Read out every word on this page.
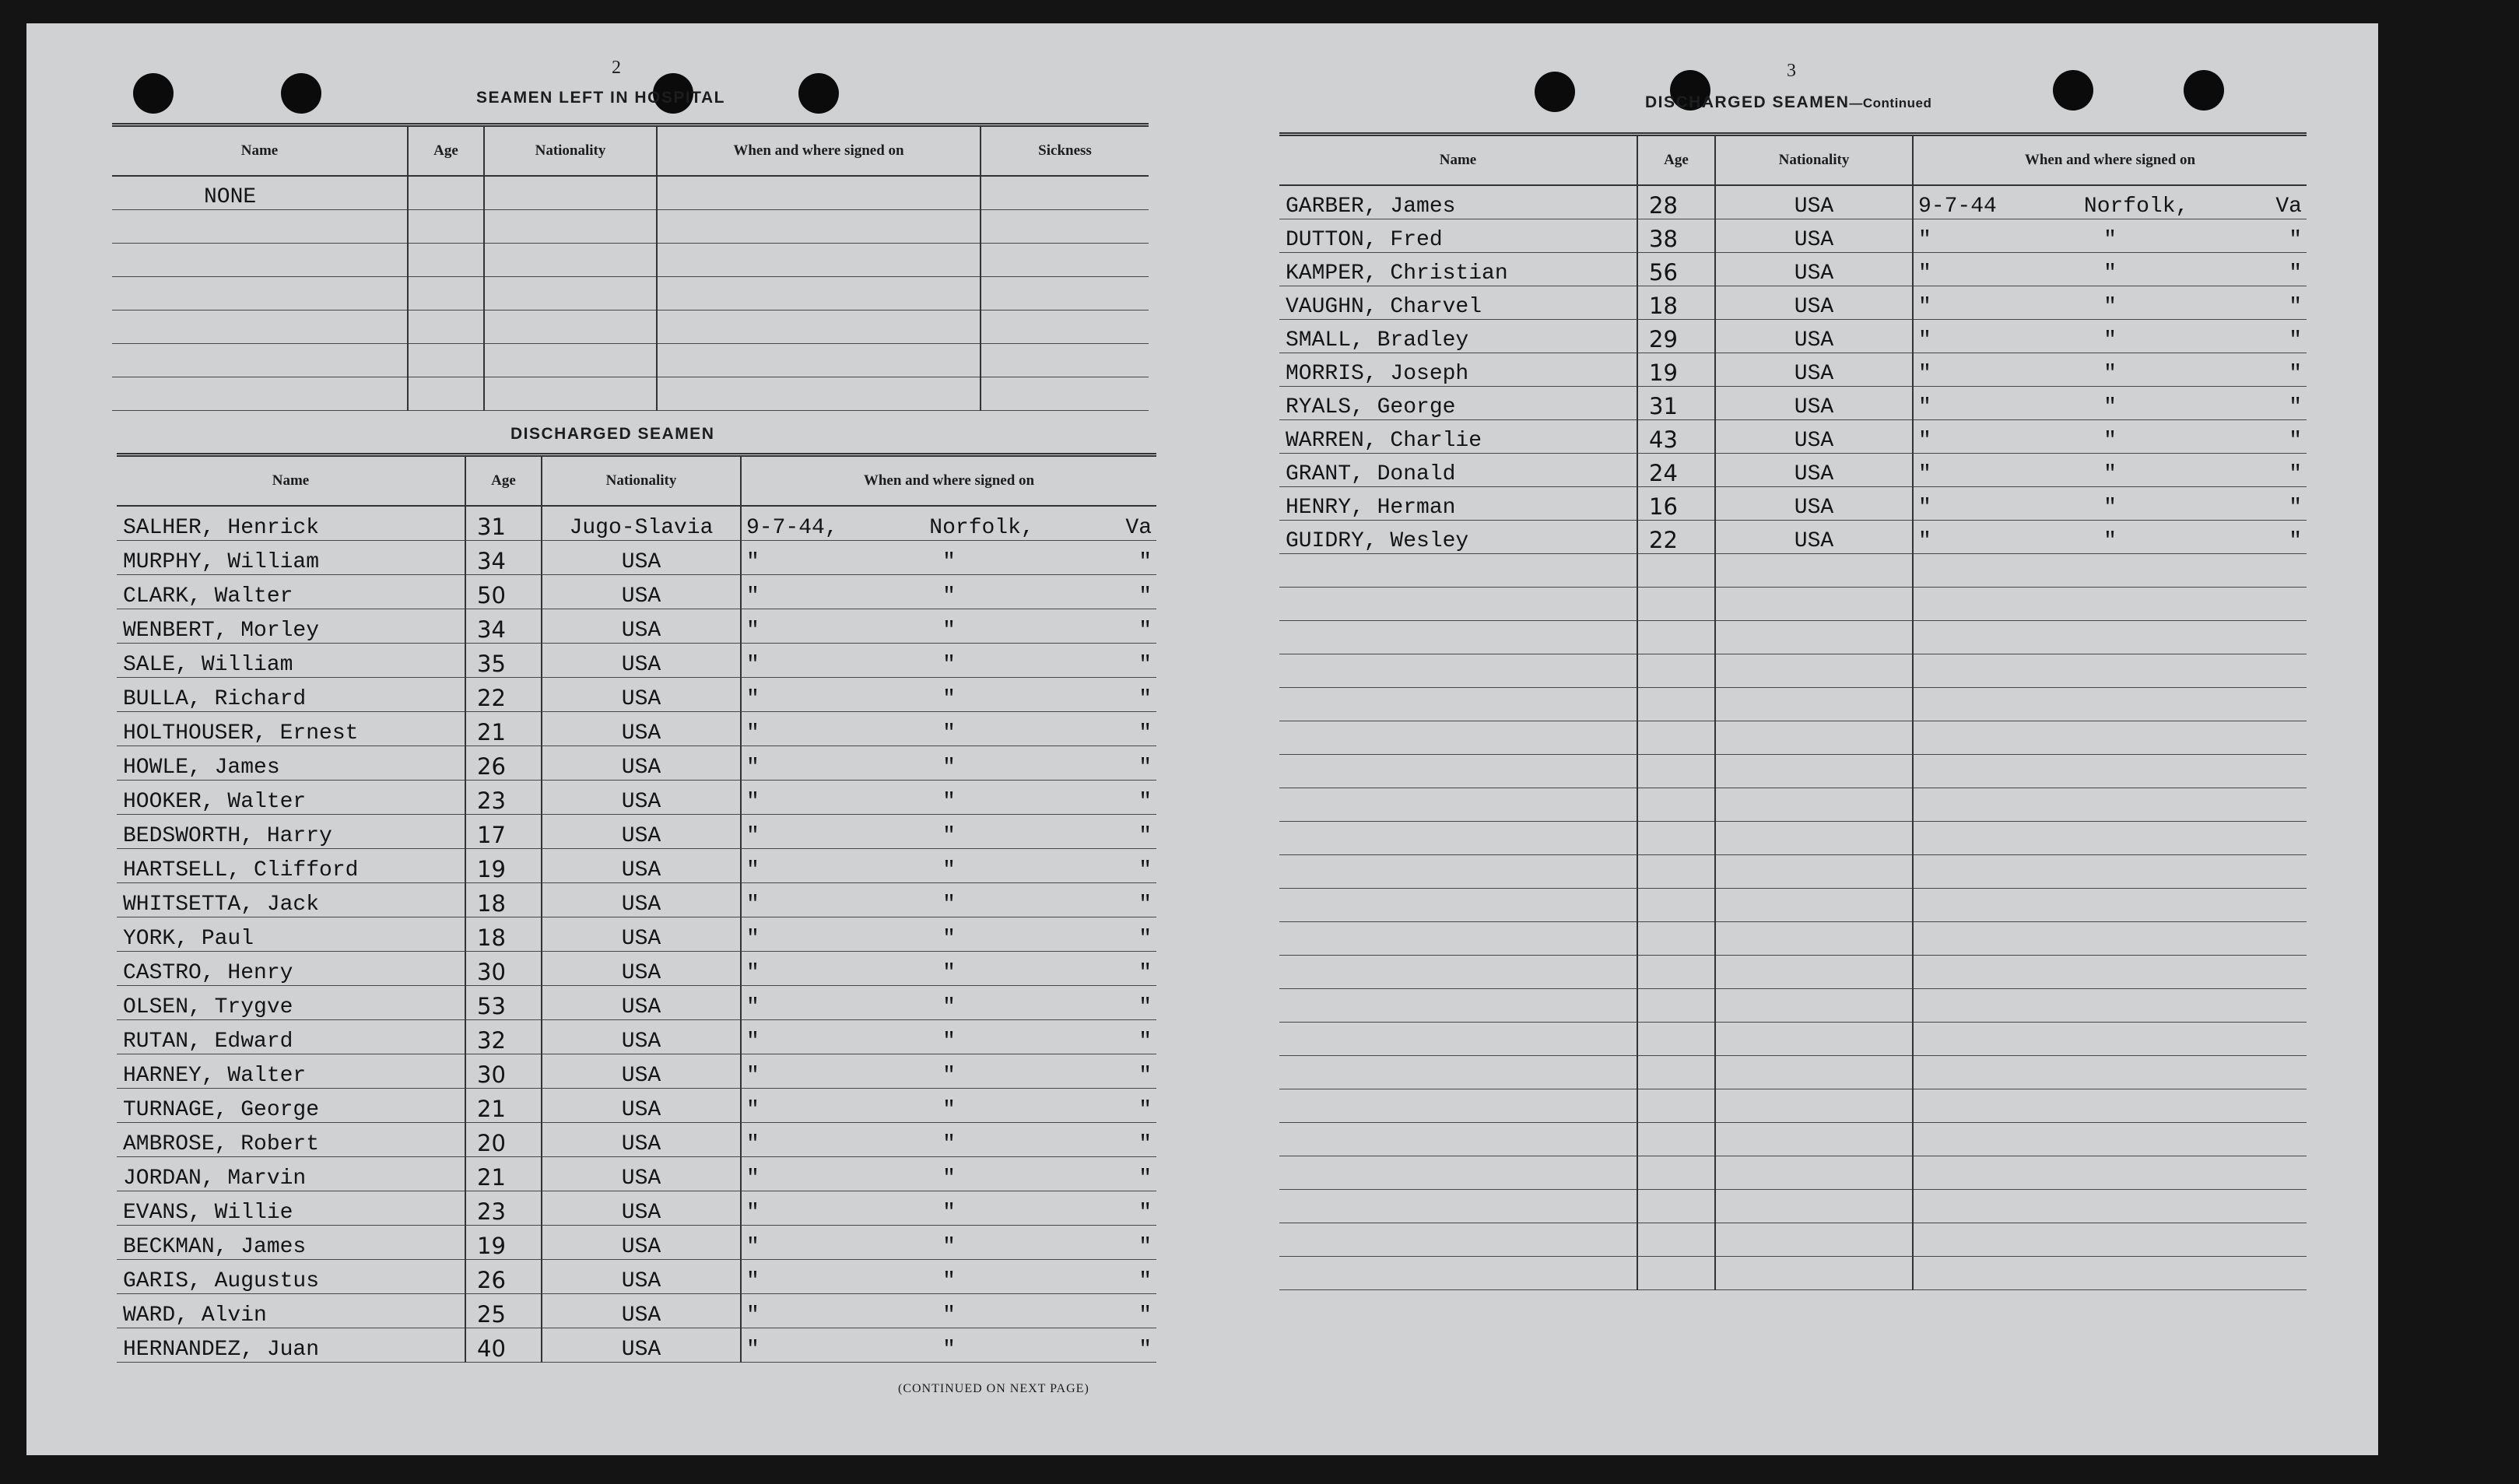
2
SEAMEN LEFT IN HOSPITAL
Name	Age	Nationality	When and where signed on	Sickness
NONE				

DISCHARGED SEAMEN
Name	Age	Nationality	When and where signed on
SALHER, Henrick	31	Jugo-Slavia	9-7-44, Norfolk, Va

MURPHY, William	34	USA	" " "

CLARK, Walter	50	USA	" " "

WENBERT, Morley	34	USA	" " "

SALE, William	35	USA	" " "

BULLA, Richard	22	USA	" " "

HOLTHOUSER, Ernest	21	USA	" " "

HOWLE, James	26	USA	" " "

HOOKER, Walter	23	USA	" " "

BEDSWORTH, Harry	17	USA	" " "

HARTSELL, Clifford	19	USA	" " "

WHITSETTA, Jack	18	USA	" " "

YORK, Paul	18	USA	" " "

CASTRO, Henry	30	USA	" " "

OLSEN, Trygve	53	USA	" " "

RUTAN, Edward	32	USA	" " "

HARNEY, Walter	30	USA	" " "

TURNAGE, George	21	USA	" " "

AMBROSE, Robert	20	USA	" " "

JORDAN, Marvin	21	USA	" " "

EVANS, Willie	23	USA	" " "

BECKMAN, James	19	USA	" " "

GARIS, Augustus	26	USA	" " "

WARD, Alvin	25	USA	" " "

HERNANDEZ, Juan	40	USA	" " "
(CONTINUED ON NEXT PAGE)
3
DISCHARGED SEAMEN—Continued
Name	Age	Nationality	When and where signed on
GARBER, James	28	USA	9-7-44 Norfolk, Va

DUTTON, Fred	38	USA	" " "

KAMPER, Christian	56	USA	" " "

VAUGHN, Charvel	18	USA	" " "

SMALL, Bradley	29	USA	" " "

MORRIS, Joseph	19	USA	" " "

RYALS, George	31	USA	" " "

WARREN, Charlie	43	USA	" " "

GRANT, Donald	24	USA	" " "

HENRY, Herman	16	USA	" " "

GUIDRY, Wesley	22	USA	" " "
